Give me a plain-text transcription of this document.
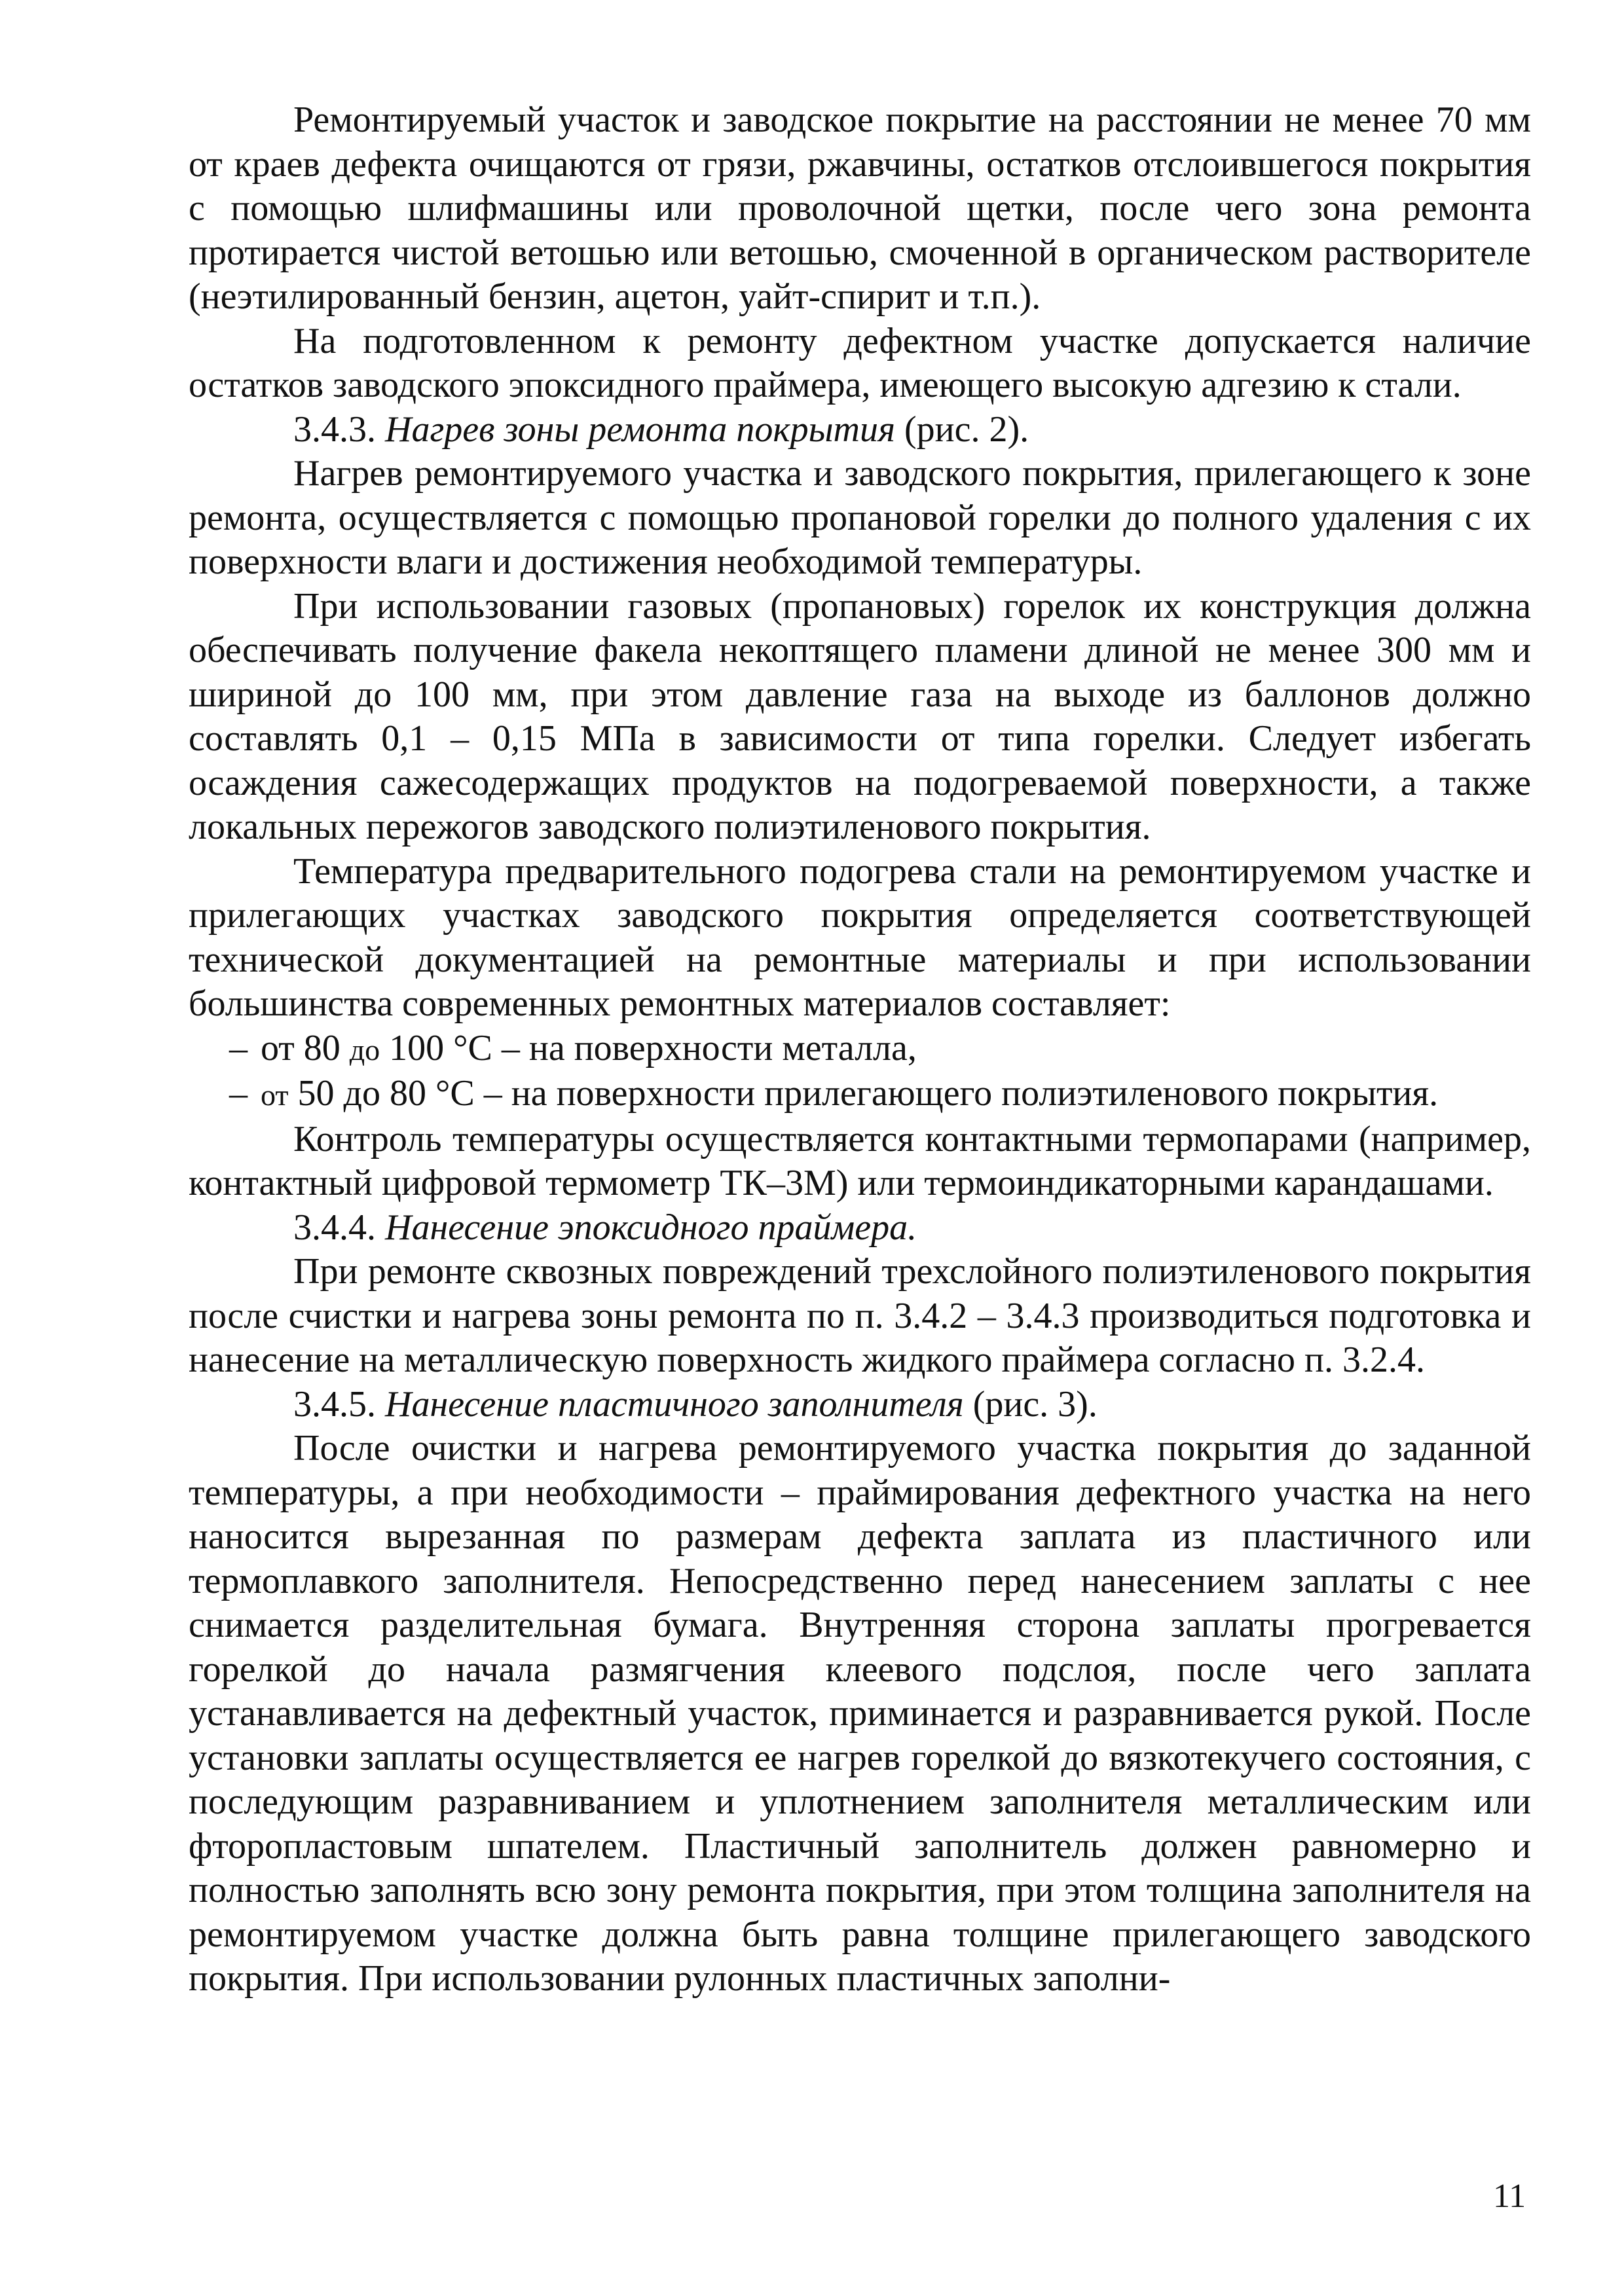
Ремонтируемый участок и заводское покрытие на расстоянии не менее 70 мм от краев дефекта очищаются от грязи, ржавчины, остатков отслоившегося покрытия с помощью шлифмашины или проволочной щетки, после чего зона ремонта протирается чистой ветошью или ветошью, смоченной в органическом растворителе (неэтилированный бензин, ацетон, уайт-спирит и т.п.).

На подготовленном к ремонту дефектном участке допускается наличие остатков заводского эпоксидного праймера, имеющего высокую адгезию к стали.

3.4.3. Нагрев зоны ремонта покрытия (рис. 2).

Нагрев ремонтируемого участка и заводского покрытия, прилегающего к зоне ремонта, осуществляется с помощью пропановой горелки до полного удаления с их поверхности влаги и достижения необходимой температуры.

При использовании газовых (пропановых) горелок их конструкция должна обеспечивать получение факела некоптящего пламени длиной не менее 300 мм и шириной до 100 мм, при этом давление газа на выходе из баллонов должно составлять 0,1 – 0,15 МПа в зависимости от типа горелки. Следует избегать осаждения сажесодержащих продуктов на подогреваемой поверхности, а также локальных пережогов заводского полиэтиленового покрытия.

Температура предварительного подогрева стали на ремонтируемом участке и прилегающих участках заводского покрытия определяется соответствующей технической документацией на ремонтные материалы и при использовании большинства современных ремонтных материалов составляет:

– от 80 до 100 °C – на поверхности металла,

– от 50 до 80 °C – на поверхности прилегающего полиэтиленового покрытия.

Контроль температуры осуществляется контактными термопарами (например, контактный цифровой термометр ТК–3М) или термоиндикаторными карандашами.

3.4.4. Нанесение эпоксидного праймера.

При ремонте сквозных повреждений трехслойного полиэтиленового покрытия после счистки и нагрева зоны ремонта по п. 3.4.2 – 3.4.3 производиться подготовка и нанесение на металлическую поверхность жидкого праймера согласно п. 3.2.4.

3.4.5. Нанесение пластичного заполнителя (рис. 3).

После очистки и нагрева ремонтируемого участка покрытия до заданной температуры, а при необходимости – праймирования дефектного участка на него наносится вырезанная по размерам дефекта заплата из пластичного или термоплавкого заполнителя. Непосредственно перед нанесением заплаты с нее снимается разделительная бумага. Внутренняя сторона заплаты прогревается горелкой до начала размягчения клеевого подслоя, после чего заплата устанавливается на дефектный участок, приминается и разравнивается рукой. После установки заплаты осуществляется ее нагрев горелкой до вязкотекучего состояния, с последующим разравниванием и уплотнением заполнителя металлическим или фторопластовым шпателем. Пластичный заполнитель должен равномерно и полностью заполнять всю зону ремонта покрытия, при этом толщина заполнителя на ремонтируемом участке должна быть равна толщине прилегающего заводского покрытия. При использовании рулонных пластичных заполни-

11
